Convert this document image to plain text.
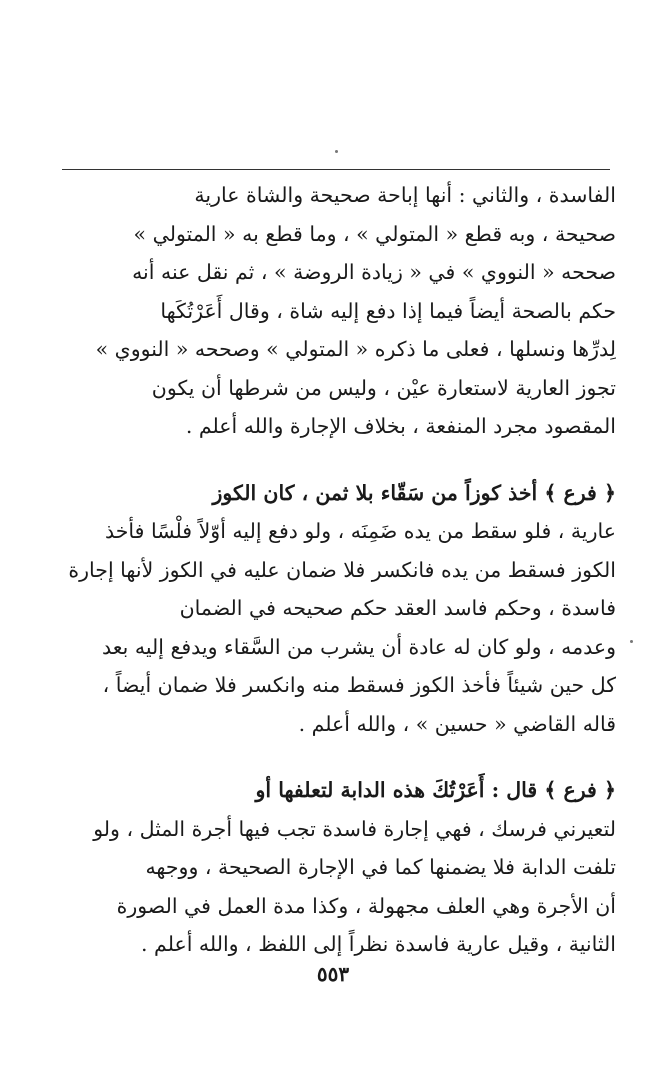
الفاسدة ، والثاني : أنها إباحة صحيحة والشاة عارية
صحيحة ، وبه قطع « المتولي » ، وما قطع به « المتولي »
صححه « النووي » في « زيادة الروضة » ، ثم نقل عنه أنه
حكم بالصحة أيضاً فيما إذا دفع إليه شاة ، وقال أَعَرْتُكَها
لِدرِّها ونسلها ، فعلى ما ذكره « المتولي » وصححه « النووي »
تجوز العارية لاستعارة عيْن ، وليس من شرطها أن يكون
المقصود مجرد المنفعة ، بخلاف الإجارة والله أعلم .
﴿ فرع ﴾ أخذ كوزاً من سَقّاء بلا ثمن ، كان الكوز
عارية ، فلو سقط من يده ضَمِنَه ، ولو دفع إليه أوّلاً فلْسًا فأخذ
الكوز فسقط من يده فانكسر فلا ضمان عليه في الكوز لأنها إجارة
فاسدة ، وحكم فاسد العقد حكم صحيحه في الضمان
وعدمه ، ولو كان له عادة أن يشرب من السَّقاء ويدفع إليه بعد
كل حين شيئاً فأخذ الكوز فسقط منه وانكسر فلا ضمان أيضاً ،
قاله القاضي « حسين » ، والله أعلم .
﴿ فرع ﴾ قال : أَعَرْتُكَ هذه الدابة لتعلفها أو
لتعيرني فرسك ، فهي إجارة فاسدة تجب فيها أجرة المثل ، ولو
تلفت الدابة فلا يضمنها كما في الإجارة الصحيحة ، ووجهه
أن الأجرة وهي العلف مجهولة ، وكذا مدة العمل في الصورة
الثانية ، وقيل عارية فاسدة نظراً إلى اللفظ ، والله أعلم .
٥٥٣
